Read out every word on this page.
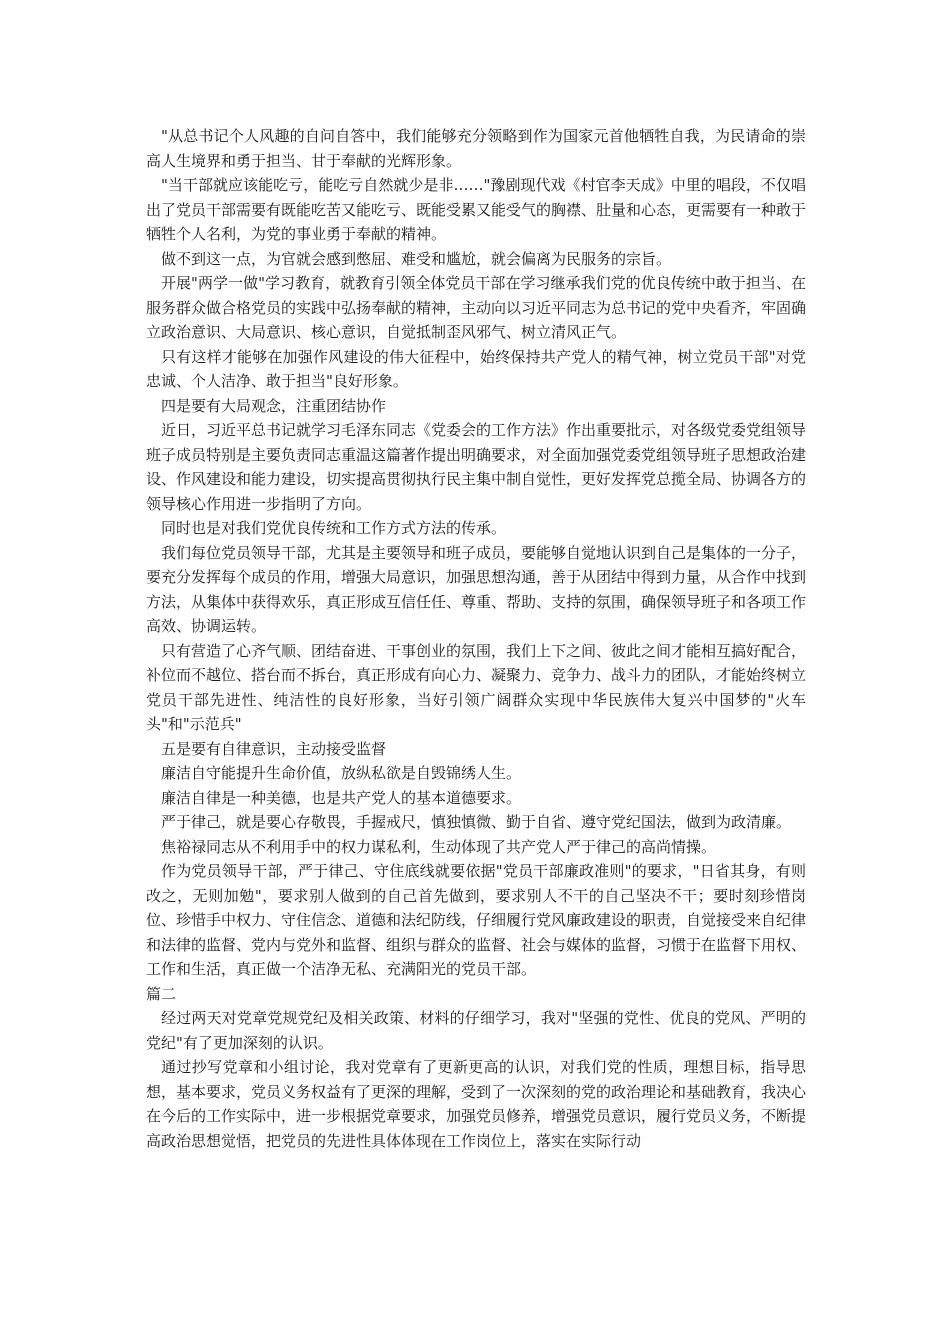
"从总书记个人风趣的自问自答中，我们能够充分领略到作为国家元首他牺牲自我，为民请命的崇高人生境界和勇于担当、甘于奉献的光辉形象。

"当干部就应该能吃亏，能吃亏自然就少是非……"豫剧现代戏《村官李天成》中里的唱段，不仅唱出了党员干部需要有既能吃苦又能吃亏、既能受累又能受气的胸襟、肚量和心态，更需要有一种敢于牺牲个人名利，为党的事业勇于奉献的精神。

做不到这一点，为官就会感到憋屈、难受和尴尬，就会偏离为民服务的宗旨。

开展"两学一做"学习教育，就教育引领全体党员干部在学习继承我们党的优良传统中敢于担当、在服务群众做合格党员的实践中弘扬奉献的精神，主动向以习近平同志为总书记的党中央看齐，牢固确立政治意识、大局意识、核心意识，自觉抵制歪风邪气、树立清风正气。

只有这样才能够在加强作风建设的伟大征程中，始终保持共产党人的精气神，树立党员干部"对党忠诚、个人洁净、敢于担当"良好形象。

四是要有大局观念，注重团结协作

近日，习近平总书记就学习毛泽东同志《党委会的工作方法》作出重要批示，对各级党委党组领导班子成员特别是主要负责同志重温这篇著作提出明确要求，对全面加强党委党组领导班子思想政治建设、作风建设和能力建设，切实提高贯彻执行民主集中制自觉性，更好发挥党总揽全局、协调各方的领导核心作用进一步指明了方向。

同时也是对我们党优良传统和工作方式方法的传承。

我们每位党员领导干部，尤其是主要领导和班子成员，要能够自觉地认识到自己是集体的一分子，要充分发挥每个成员的作用，增强大局意识，加强思想沟通，善于从团结中得到力量，从合作中找到方法，从集体中获得欢乐，真正形成互信任任、尊重、帮助、支持的氛围，确保领导班子和各项工作高效、协调运转。

只有营造了心齐气顺、团结奋进、干事创业的氛围，我们上下之间、彼此之间才能相互搞好配合，补位而不越位、搭台而不拆台，真正形成有向心力、凝聚力、竞争力、战斗力的团队，才能始终树立党员干部先进性、纯洁性的良好形象，当好引领广阔群众实现中华民族伟大复兴中国梦的"火车头"和"示范兵"

五是要有自律意识，主动接受监督

廉洁自守能提升生命价值，放纵私欲是自毁锦绣人生。

廉洁自律是一种美德，也是共产党人的基本道德要求。

严于律己，就是要心存敬畏，手握戒尺，慎独慎微、勤于自省、遵守党纪国法，做到为政清廉。

焦裕禄同志从不利用手中的权力谋私利，生动体现了共产党人严于律己的高尚情操。

作为党员领导干部，严于律己、守住底线就要依据"党员干部廉政准则"的要求，"日省其身，有则改之，无则加勉"，要求别人做到的自己首先做到，要求别人不干的自己坚决不干；要时刻珍惜岗位、珍惜手中权力、守住信念、道德和法纪防线，仔细履行党风廉政建设的职责，自觉接受来自纪律和法律的监督、党内与党外和监督、组织与群众的监督、社会与媒体的监督，习惯于在监督下用权、工作和生活，真正做一个洁净无私、充满阳光的党员干部。

篇二

经过两天对党章党规党纪及相关政策、材料的仔细学习，我对"坚强的党性、优良的党风、严明的党纪"有了更加深刻的认识。

通过抄写党章和小组讨论，我对党章有了更新更高的认识，对我们党的性质，理想目标，指导思想，基本要求，党员义务权益有了更深的理解，受到了一次深刻的党的政治理论和基础教育，我决心在今后的工作实际中，进一步根据党章要求，加强党员修养，增强党员意识，履行党员义务，不断提高政治思想觉悟，把党员的先进性具体体现在工作岗位上，落实在实际行动
